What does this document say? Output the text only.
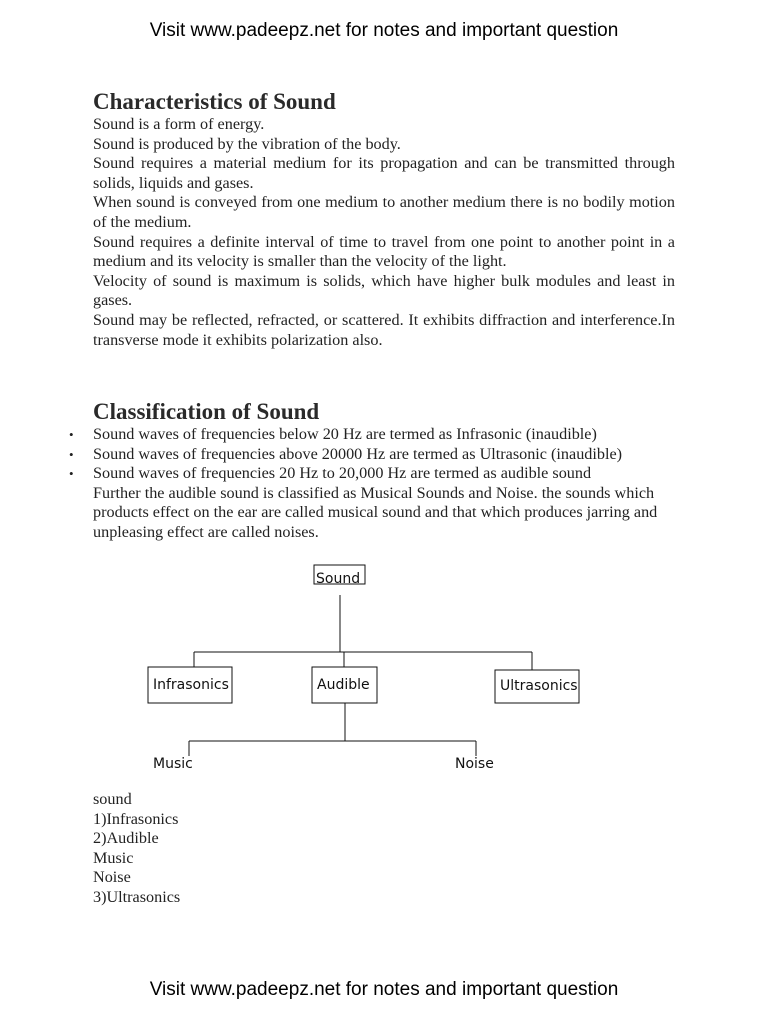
Visit www.padeepz.net for notes and important question
Characteristics of Sound

Sound is a form of energy.

Sound is produced by the vibration of the body.

Sound requires a material medium for its propagation and can be transmitted through solids, liquids and gases.

When sound is conveyed from one medium to another medium there is no bodily motion of the medium.

Sound requires a definite interval of time to travel from one point to another point in a medium and its velocity is smaller than the velocity of the light.

Velocity of sound is maximum is solids, which have higher bulk modules and least in gases.

Sound may be reflected, refracted, or scattered. It exhibits diffraction and interference.In transverse mode it exhibits polarization also.

Classification of Sound
• Sound waves of frequencies below 20 Hz are termed as Infrasonic (inaudible)
• Sound waves of frequencies above 20000 Hz are termed as Ultrasonic (inaudible)
• Sound waves of frequencies 20 Hz to 20,000 Hz are termed as audible sound

Further the audible sound is classified as Musical Sounds and Noise. the sounds which products effect on the ear are called musical sound and that which produces jarring and unpleasing effect are called noises.

Sound
Infrasonics	Audible	Ultrasonics
Music	Noise
sound
1)Infrasonics
2)Audible
Music
Noise
3)Ultrasonics
Visit www.padeepz.net for notes and important question
